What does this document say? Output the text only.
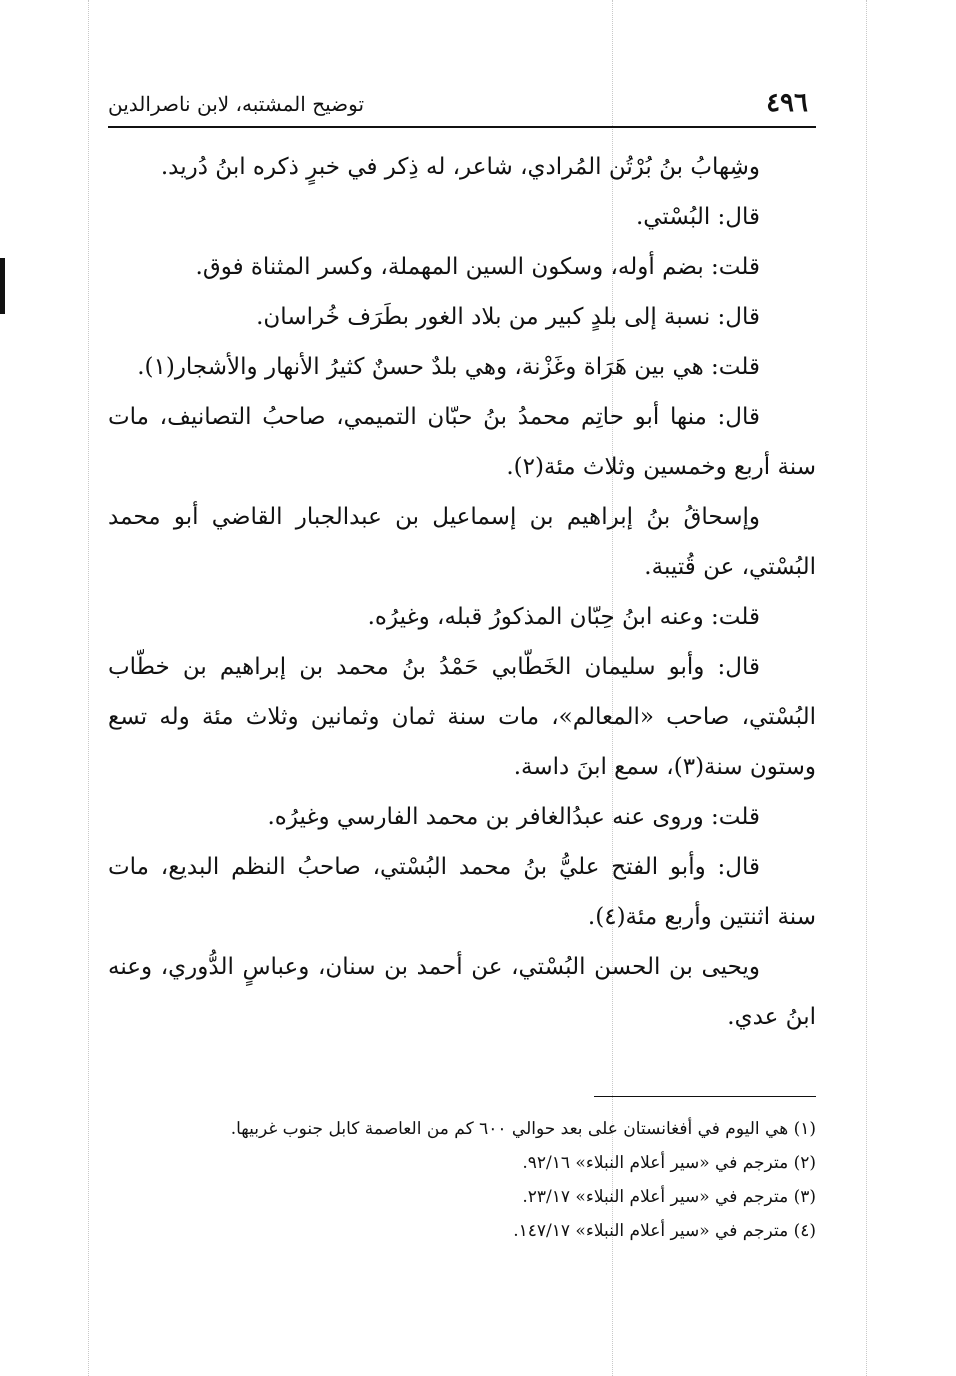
٤٩٦
توضيح المشتبه، لابن ناصرالدين

وشِهابُ بنُ بُرْتُن المُرادي، شاعر، له ذِكر في خبرٍ ذكره ابنُ دُريد.

قال: البُسْتي.

قلت: بضم أوله، وسكون السين المهملة، وكسر المثناة فوق.

قال: نسبة إلى بلدٍ كبير من بلاد الغور بطَرَف خُراسان.

قلت: هي بين هَرَاة وغَزْنة، وهي بلدٌ حسنٌ كثيرُ الأنهار والأشجار(١).

قال: منها أبو حاتِم محمدُ بنُ حبّان التميمي، صاحبُ التصانيف، مات سنة أربع وخمسين وثلاث مئة(٢).

وإسحاقُ بنُ إبراهيم بن إسماعيل بن عبدالجبار القاضي أبو محمد البُسْتي، عن قُتيبة.

قلت: وعنه ابنُ حِبّان المذكورُ قبله، وغيرُه.

قال: وأبو سليمان الخَطّابي حَمْدُ بنُ محمد بن إبراهيم بن خطّاب البُسْتي، صاحب «المعالم»، مات سنة ثمان وثمانين وثلاث مئة وله تسع وستون سنة(٣)، سمع ابنَ داسة.

قلت: وروى عنه عبدُالغافر بن محمد الفارسي وغيرُه.

قال: وأبو الفتح عليُّ بنُ محمد البُسْتي، صاحبُ النظم البديع، مات سنة اثنتين وأربع مئة(٤).

ويحيى بن الحسن البُسْتي، عن أحمد بن سنان، وعباسٍ الدُّوري، وعنه ابنُ عدي.

(١) هي اليوم في أفغانستان على بعد حوالي ٦٠٠ كم من العاصمة كابل جنوب غربيها.

(٢) مترجم في «سير أعلام النبلاء» ٩٢/١٦.

(٣) مترجم في «سير أعلام النبلاء» ٢٣/١٧.

(٤) مترجم في «سير أعلام النبلاء» ١٤٧/١٧.
